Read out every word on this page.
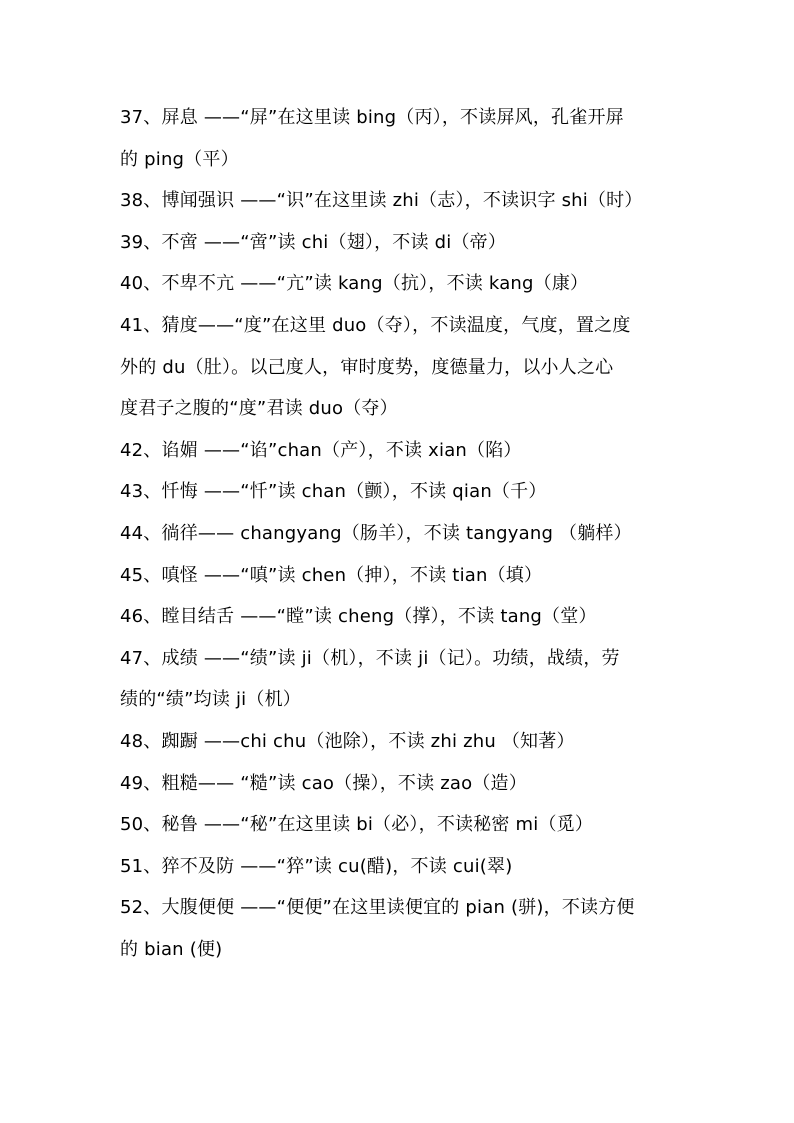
37、屏息 ——“屏”在这里读 bing（丙），不读屏风，孔雀开屏
的 ping（平）
38、博闻强识 ——“识”在这里读 zhi（志），不读识字 shi（时）
39、不啻 ——“啻”读 chi（翅），不读 di（帝）
40、不卑不亢 ——“亢”读 kang（抗），不读 kang（康）
41、猜度——“度”在这里 duo（夺），不读温度，气度，置之度
外的 du（肚）。以己度人，审时度势，度德量力，以小人之心
度君子之腹的“度”君读 duo（夺）
42、谄媚 ——“谄”chan（产），不读 xian（陷）
43、忏悔 ——“忏”读 chan（颤），不读 qian（千）
44、徜徉—— changyang（肠羊），不读 tangyang （躺样）
45、嗔怪 ——“嗔”读 chen（抻），不读 tian（填）
46、瞠目结舌 ——“瞠”读 cheng（撑），不读 tang（堂）
47、成绩 ——“绩”读 ji（机），不读 ji（记）。功绩，战绩，劳
绩的“绩”均读 ji（机）
48、踟蹰 ——chi chu（池除），不读 zhi zhu （知著）
49、粗糙—— “糙”读 cao（操），不读 zao（造）
50、秘鲁 ——“秘”在这里读 bi（必），不读秘密 mi（觅）
51、猝不及防 ——“猝”读 cu(醋)，不读 cui(翠)
52、大腹便便 ——“便便”在这里读便宜的 pian (骈)，不读方便
的 bian (便)
